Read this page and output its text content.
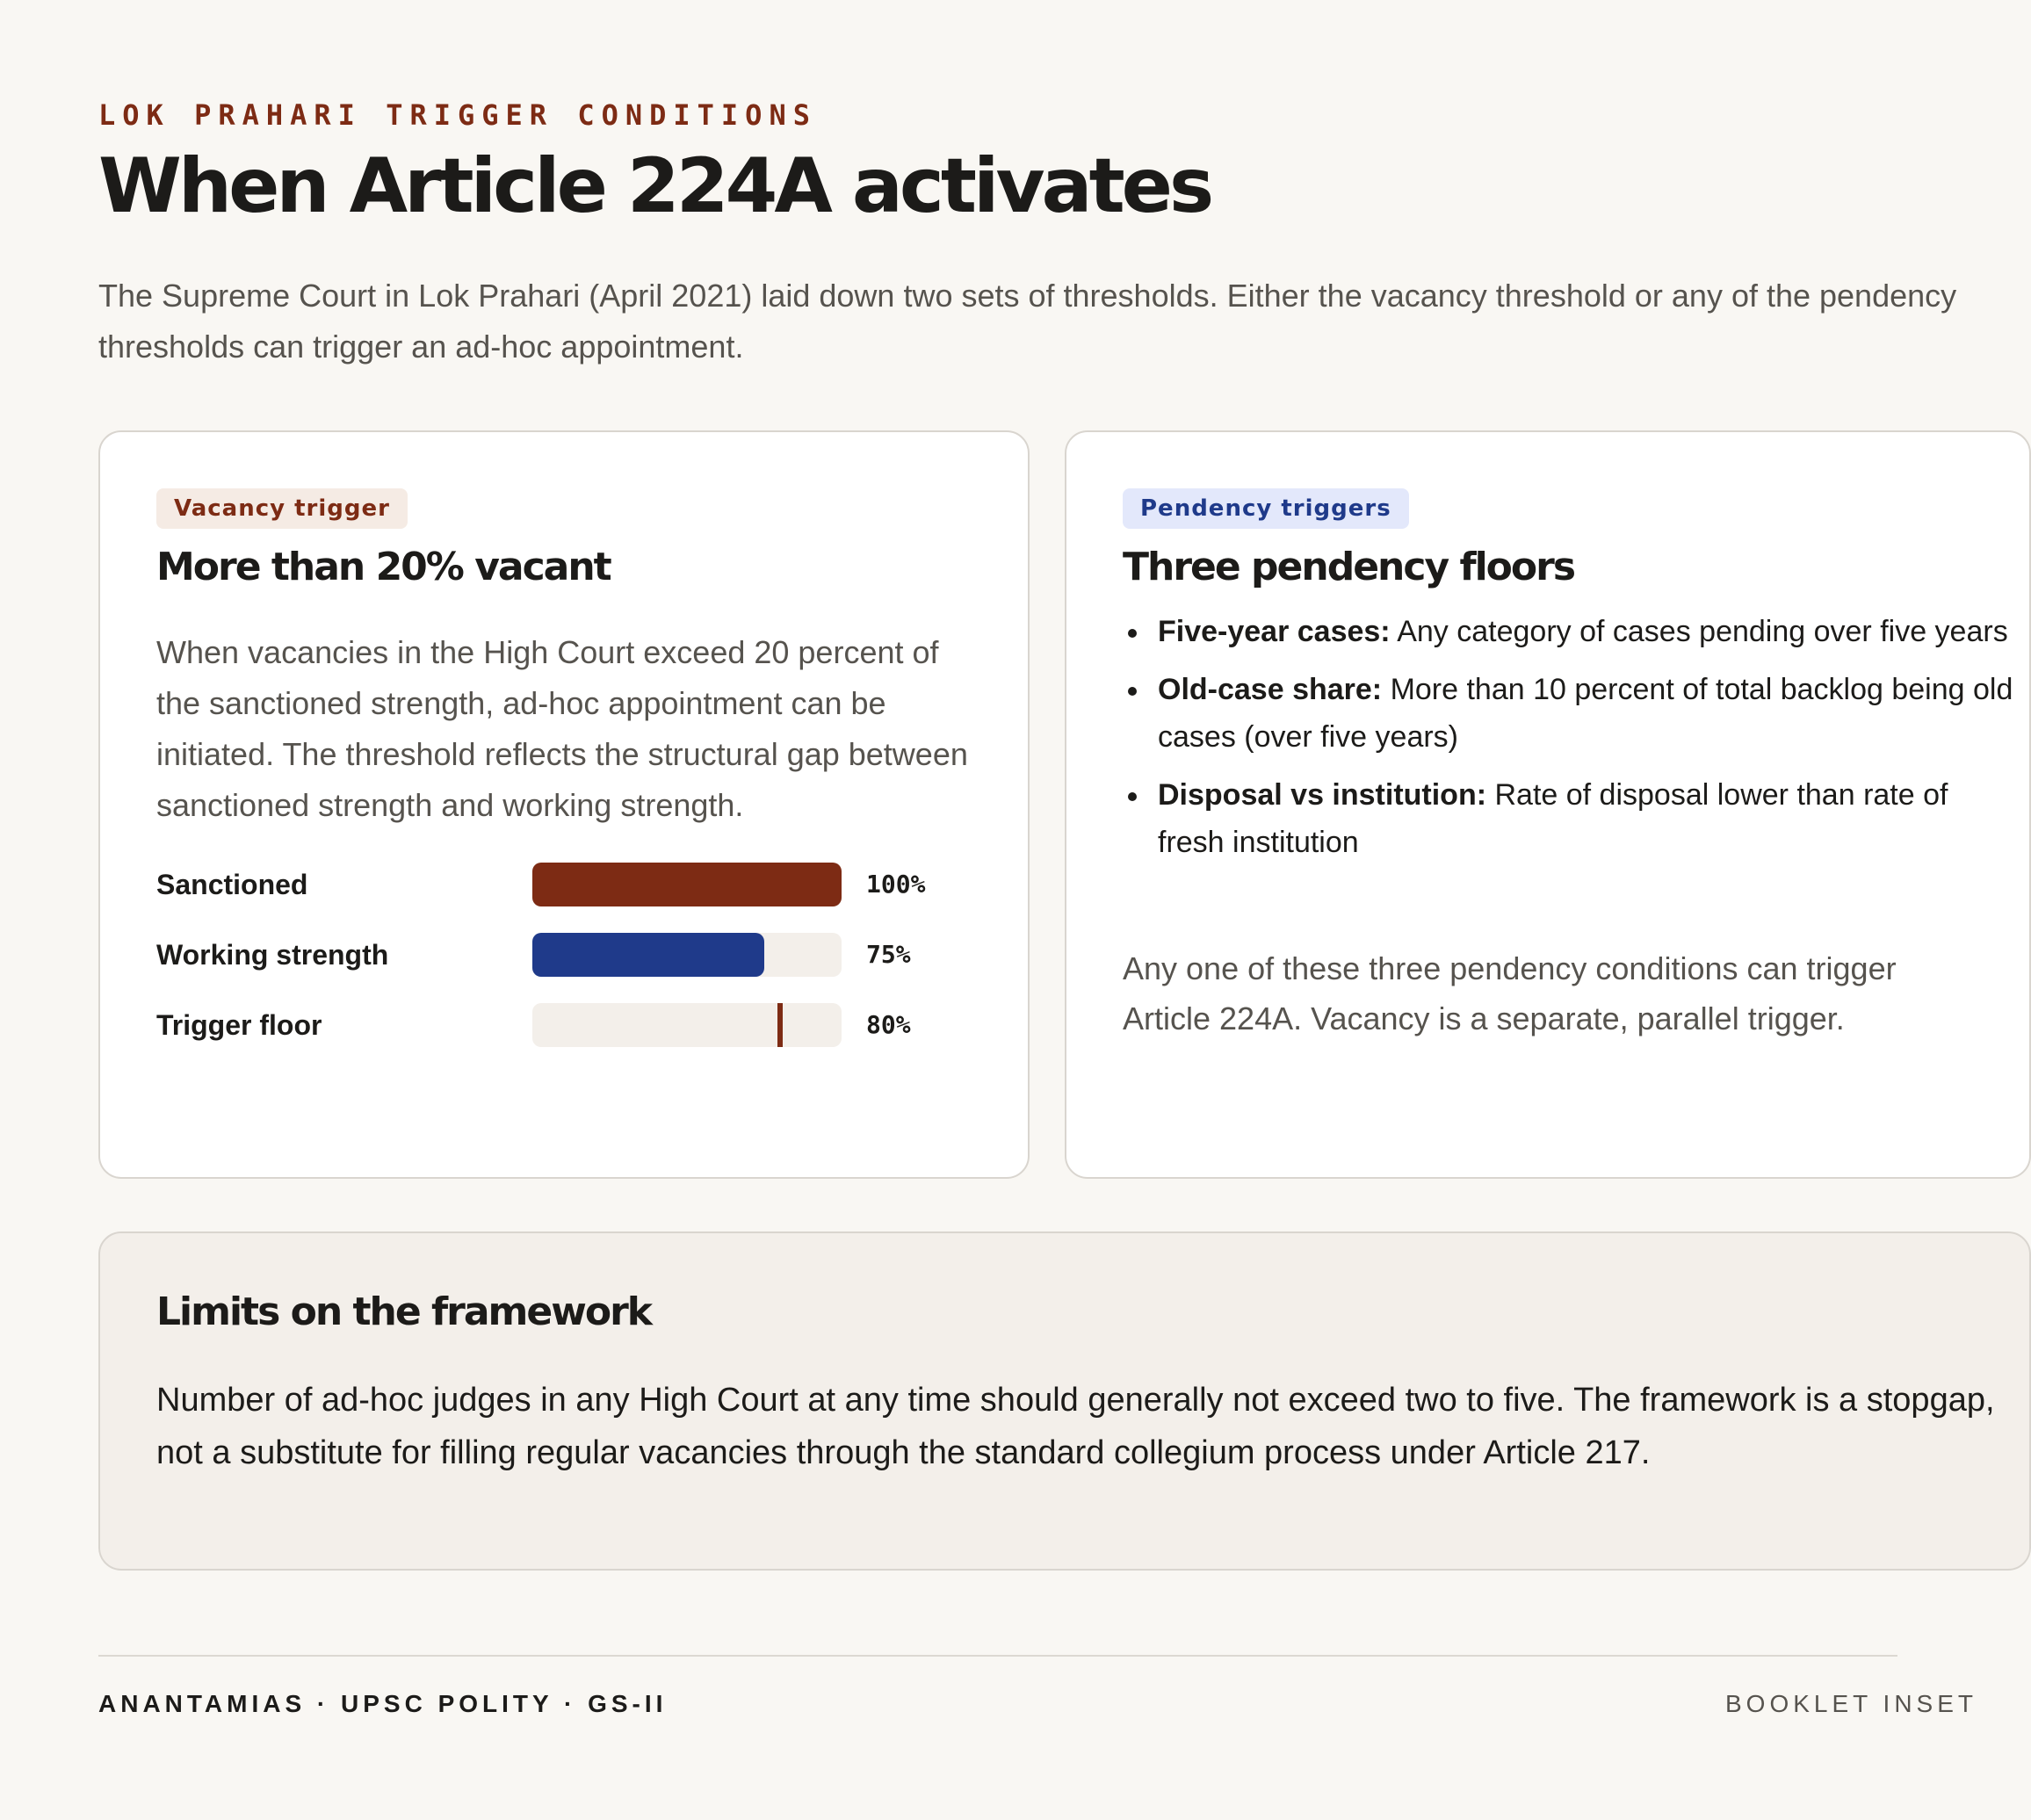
LOK PRAHARI TRIGGER CONDITIONS
When Article 224A activates

The Supreme Court in Lok Prahari (April 2021) laid down two sets of thresholds. Either the vacancy threshold or any of the pendency thresholds can trigger an ad-hoc appointment.

Vacancy trigger
More than 20% vacant

When vacancies in the High Court exceed 20 percent of the sanctioned strength, ad-hoc appointment can be initiated. The threshold reflects the structural gap between sanctioned strength and working strength.

Sanctioned	100%
Working strength	75%
Trigger floor	80%
Pendency triggers
Three pendency floors
Five-year cases: Any category of cases pending over five years
Old-case share: More than 10 percent of total backlog being old cases (over five years)
Disposal vs institution: Rate of disposal lower than rate of fresh institution

Any one of these three pendency conditions can trigger Article 224A. Vacancy is a separate, parallel trigger.

Limits on the framework

Number of ad-hoc judges in any High Court at any time should generally not exceed two to five. The framework is a stopgap, not a substitute for filling regular vacancies through the standard collegium process under Article 217.

ANANTAMIAS · UPSC POLITY · GS-II	BOOKLET INSET
